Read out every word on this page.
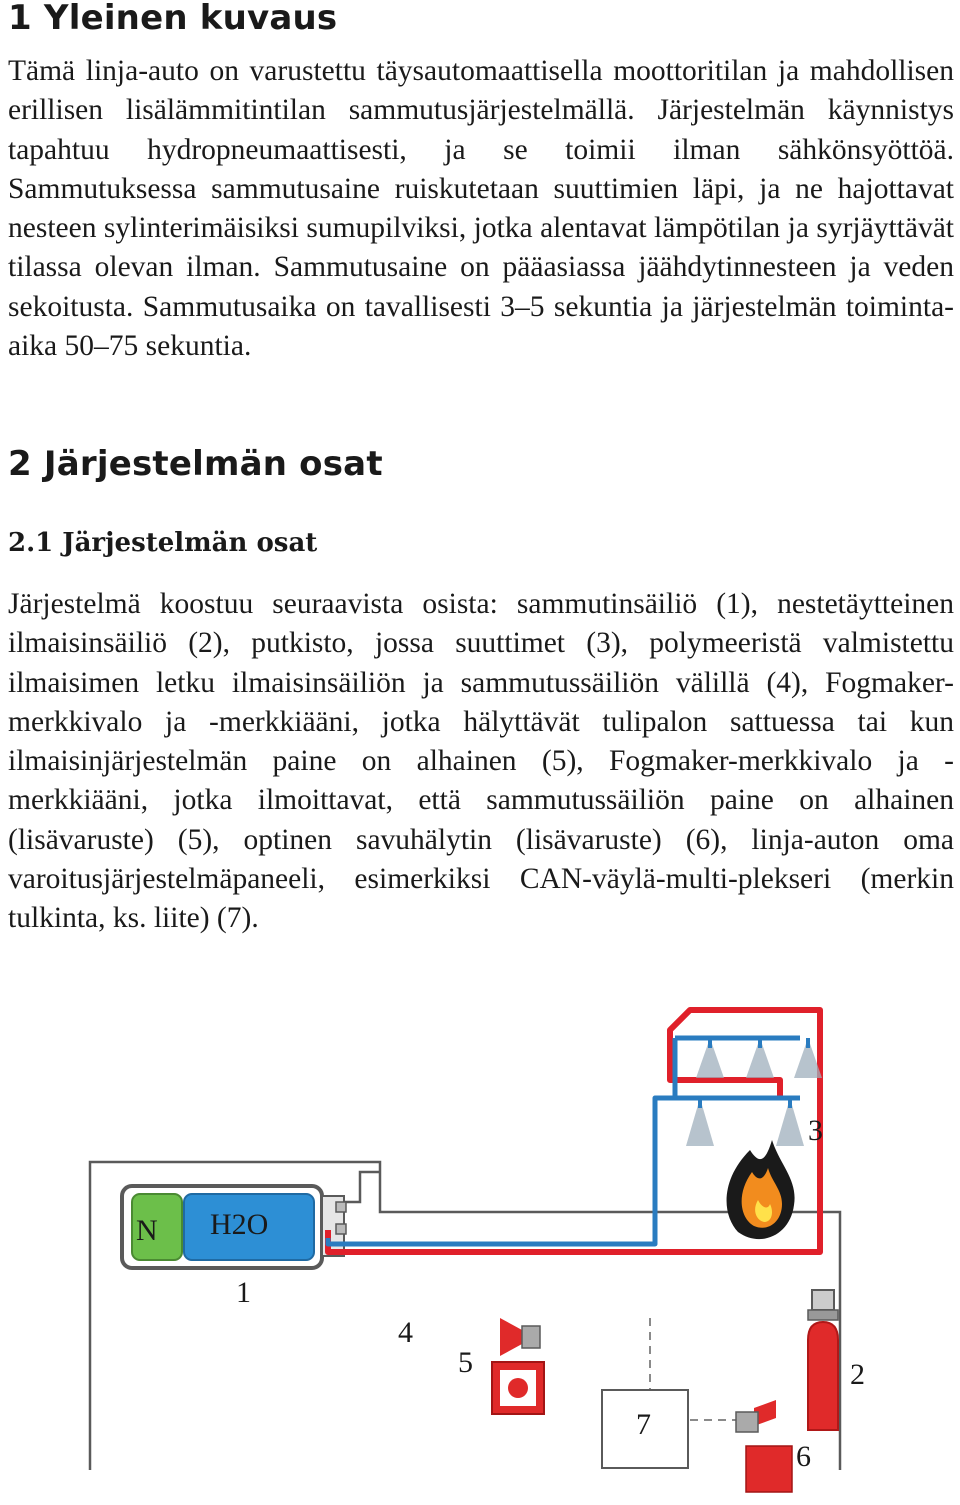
1 Yleinen kuvaus

Tämä linja-auto on varustettu täysautomaattisella moottoritilan ja mahdollisen erillisen lisälämmitintilan sammutusjärjestelmällä. Järjestelmän käynnistys tapahtuu hydropneumaattisesti, ja se toimii ilman sähkönsyöttöä. Sammutuksessa sammutusaine ruiskutetaan suuttimien läpi, ja ne hajottavat nesteen sylinterimäisiksi sumupilviksi, jotka alentavat lämpötilan ja syrjäyttävät tilassa olevan ilman. Sammutusaine on pääasiassa jäähdytinnesteen ja veden sekoitusta. Sammutusaika on tavallisesti 3–5 sekuntia ja järjestelmän toiminta-aika 50–75 sekuntia.

2 Järjestelmän osat
2.1 Järjestelmän osat

Järjestelmä koostuu seuraavista osista: sammutinsäiliö (1), nestetäytteinen ilmaisinsäiliö (2), putkisto, jossa suuttimet (3), polymeeristä valmistettu ilmaisimen letku ilmaisinsäiliön ja sammutussäiliön välillä (4), Fogmaker-merkkivalo ja -merkkiääni, jotka hälyttävät tulipalon sattuessa tai kun ilmaisinjärjestelmän paine on alhainen (5), Fogmaker-merkkivalo ja -merkkiääni, jotka ilmoittavat, että sammutussäiliön paine on alhainen (lisävaruste) (5), optinen savuhälytin (lisävaruste) (6), linja-auton oma varoitusjärjestelmäpaneeli, esimerkiksi CAN-väylä-multi-plekseri (merkin tulkinta, ks. liite) (7).

N H2O
1
2
3
4
5
6
7
